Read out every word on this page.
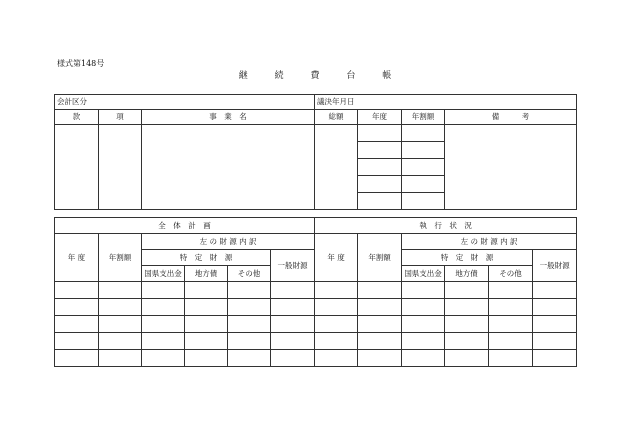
様式第148号
継	続	費	台	帳
会計区分			議決年月日			
款	項	事　業　名	総額	年度	年割額	備　　　考

全　体　計　画						執　行　状　況					
年 度	年割額	左 の 財 源 内 訳				年 度	年割額	左 の 財 源 内 訳			
		特　定　財　源			一般財源			特　定　財　源			一般財源
		国県支出金	地方債	その他				国県支出金	地方債	その他	
